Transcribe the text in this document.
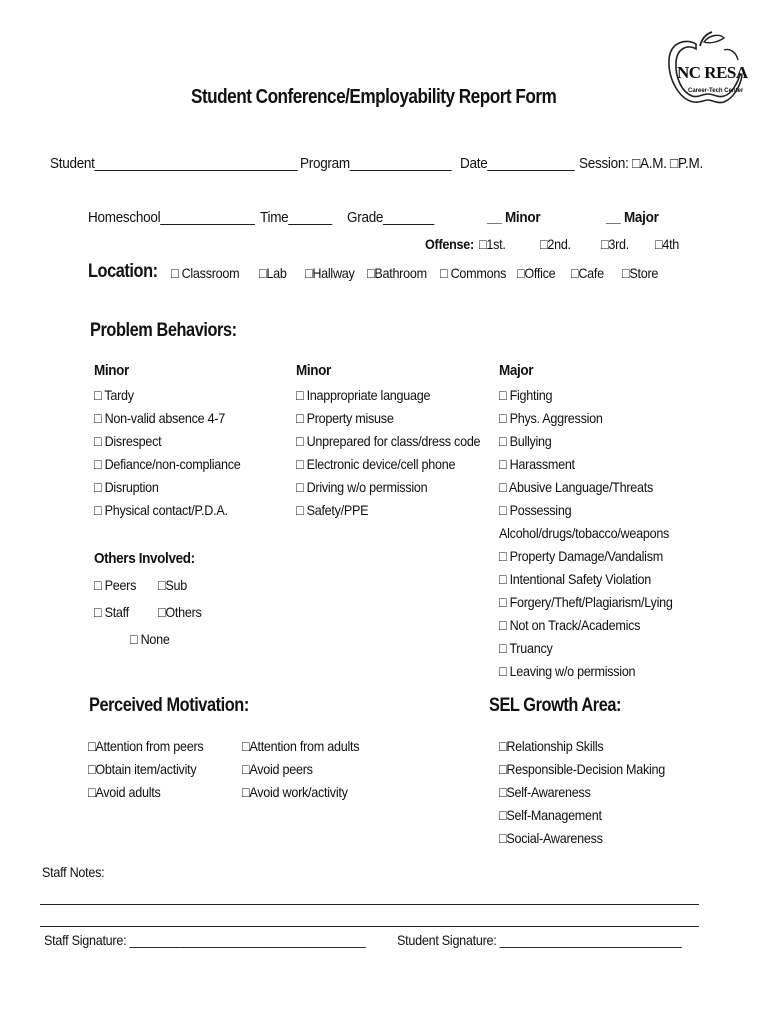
NC RESA
Career-Tech Center
Student Conference/Employability Report Form
Student____________________________ Program______________ Date____________ Session: □A.M. □P.M.
Homeschool_____________ Time______ Grade_______	__ Minor	__ Major
Offense: □1st. □2nd. □3rd. □4th
Location: □ Classroom □Lab □Hallway □Bathroom □ Commons □Office □Cafe □Store
Problem Behaviors:
Minor
□ Tardy
□ Non-valid absence 4-7
□ Disrespect
□ Defiance/non-compliance
□ Disruption
□ Physical contact/P.D.A.
Minor
□ Inappropriate language
□ Property misuse
□ Unprepared for class/dress code
□ Electronic device/cell phone
□ Driving w/o permission
□ Safety/PPE
Major
□ Fighting
□ Phys. Aggression
□ Bullying
□ Harassment
□ Abusive Language/Threats
□ Possessing
Alcohol/drugs/tobacco/weapons
□ Property Damage/Vandalism
□ Intentional Safety Violation
□ Forgery/Theft/Plagiarism/Lying
□ Not on Track/Academics
□ Truancy
□ Leaving w/o permission
Others Involved:
□ Peers □Sub
□ Staff □Others
□ None
Perceived Motivation:
□Attention from peers
□Obtain item/activity
□Avoid adults
□Attention from adults
□Avoid peers
□Avoid work/activity
SEL Growth Area:
□Relationship Skills
□Responsible-Decision Making
□Self-Awareness
□Self-Management
□Social-Awareness
Staff Notes:
Staff Signature: ___________________________________ Student Signature: ___________________________
